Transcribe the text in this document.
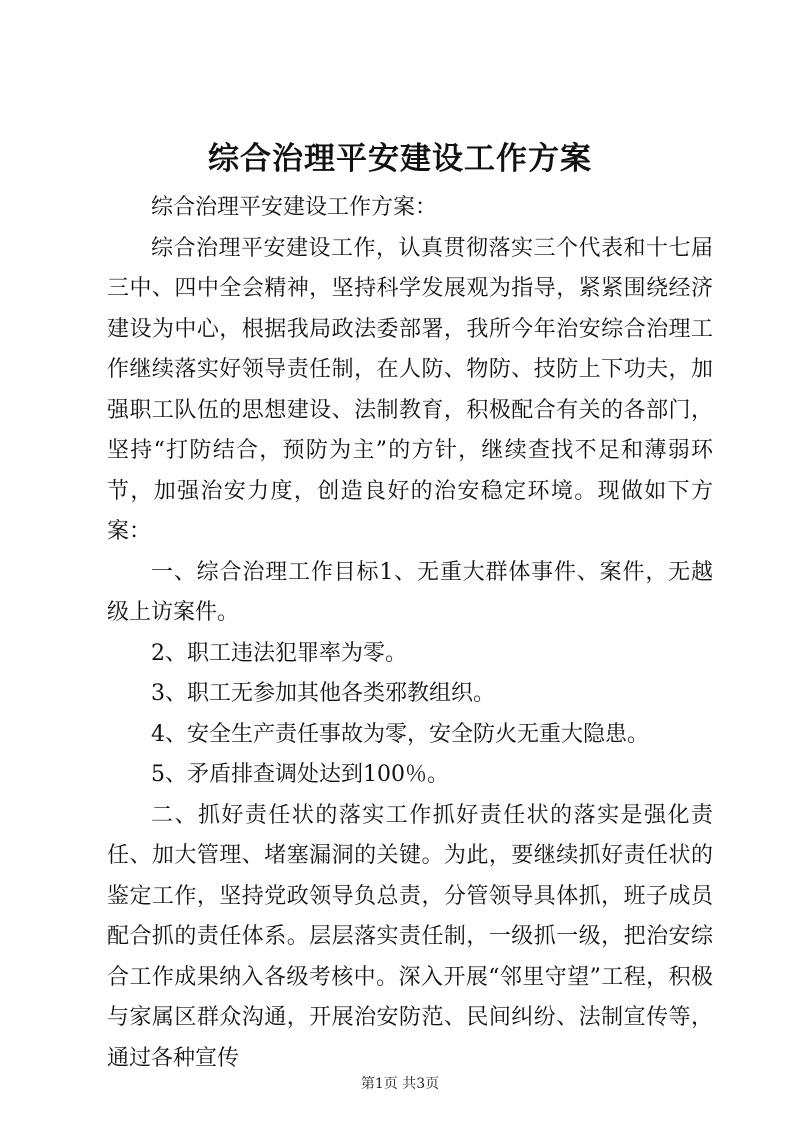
综合治理平安建设工作方案

综合治理平安建设工作方案：

综合治理平安建设工作，认真贯彻落实三个代表和十七届三中、四中全会精神，坚持科学发展观为指导，紧紧围绕经济建设为中心，根据我局政法委部署，我所今年治安综合治理工作继续落实好领导责任制，在人防、物防、技防上下功夫，加强职工队伍的思想建设、法制教育，积极配合有关的各部门，坚持“打防结合，预防为主”的方针，继续查找不足和薄弱环节，加强治安力度，创造良好的治安稳定环境。现做如下方案：

一、综合治理工作目标1、无重大群体事件、案件，无越级上访案件。

2、职工违法犯罪率为零。

3、职工无参加其他各类邪教组织。

4、安全生产责任事故为零，安全防火无重大隐患。

5、矛盾排查调处达到100％。

二、抓好责任状的落实工作抓好责任状的落实是强化责任、加大管理、堵塞漏洞的关键。为此，要继续抓好责任状的鉴定工作，坚持党政领导负总责，分管领导具体抓，班子成员配合抓的责任体系。层层落实责任制，一级抓一级，把治安综合工作成果纳入各级考核中。深入开展“邻里守望”工程，积极与家属区群众沟通，开展治安防范、民间纠纷、法制宣传等，通过各种宣传

第1页 共3页
